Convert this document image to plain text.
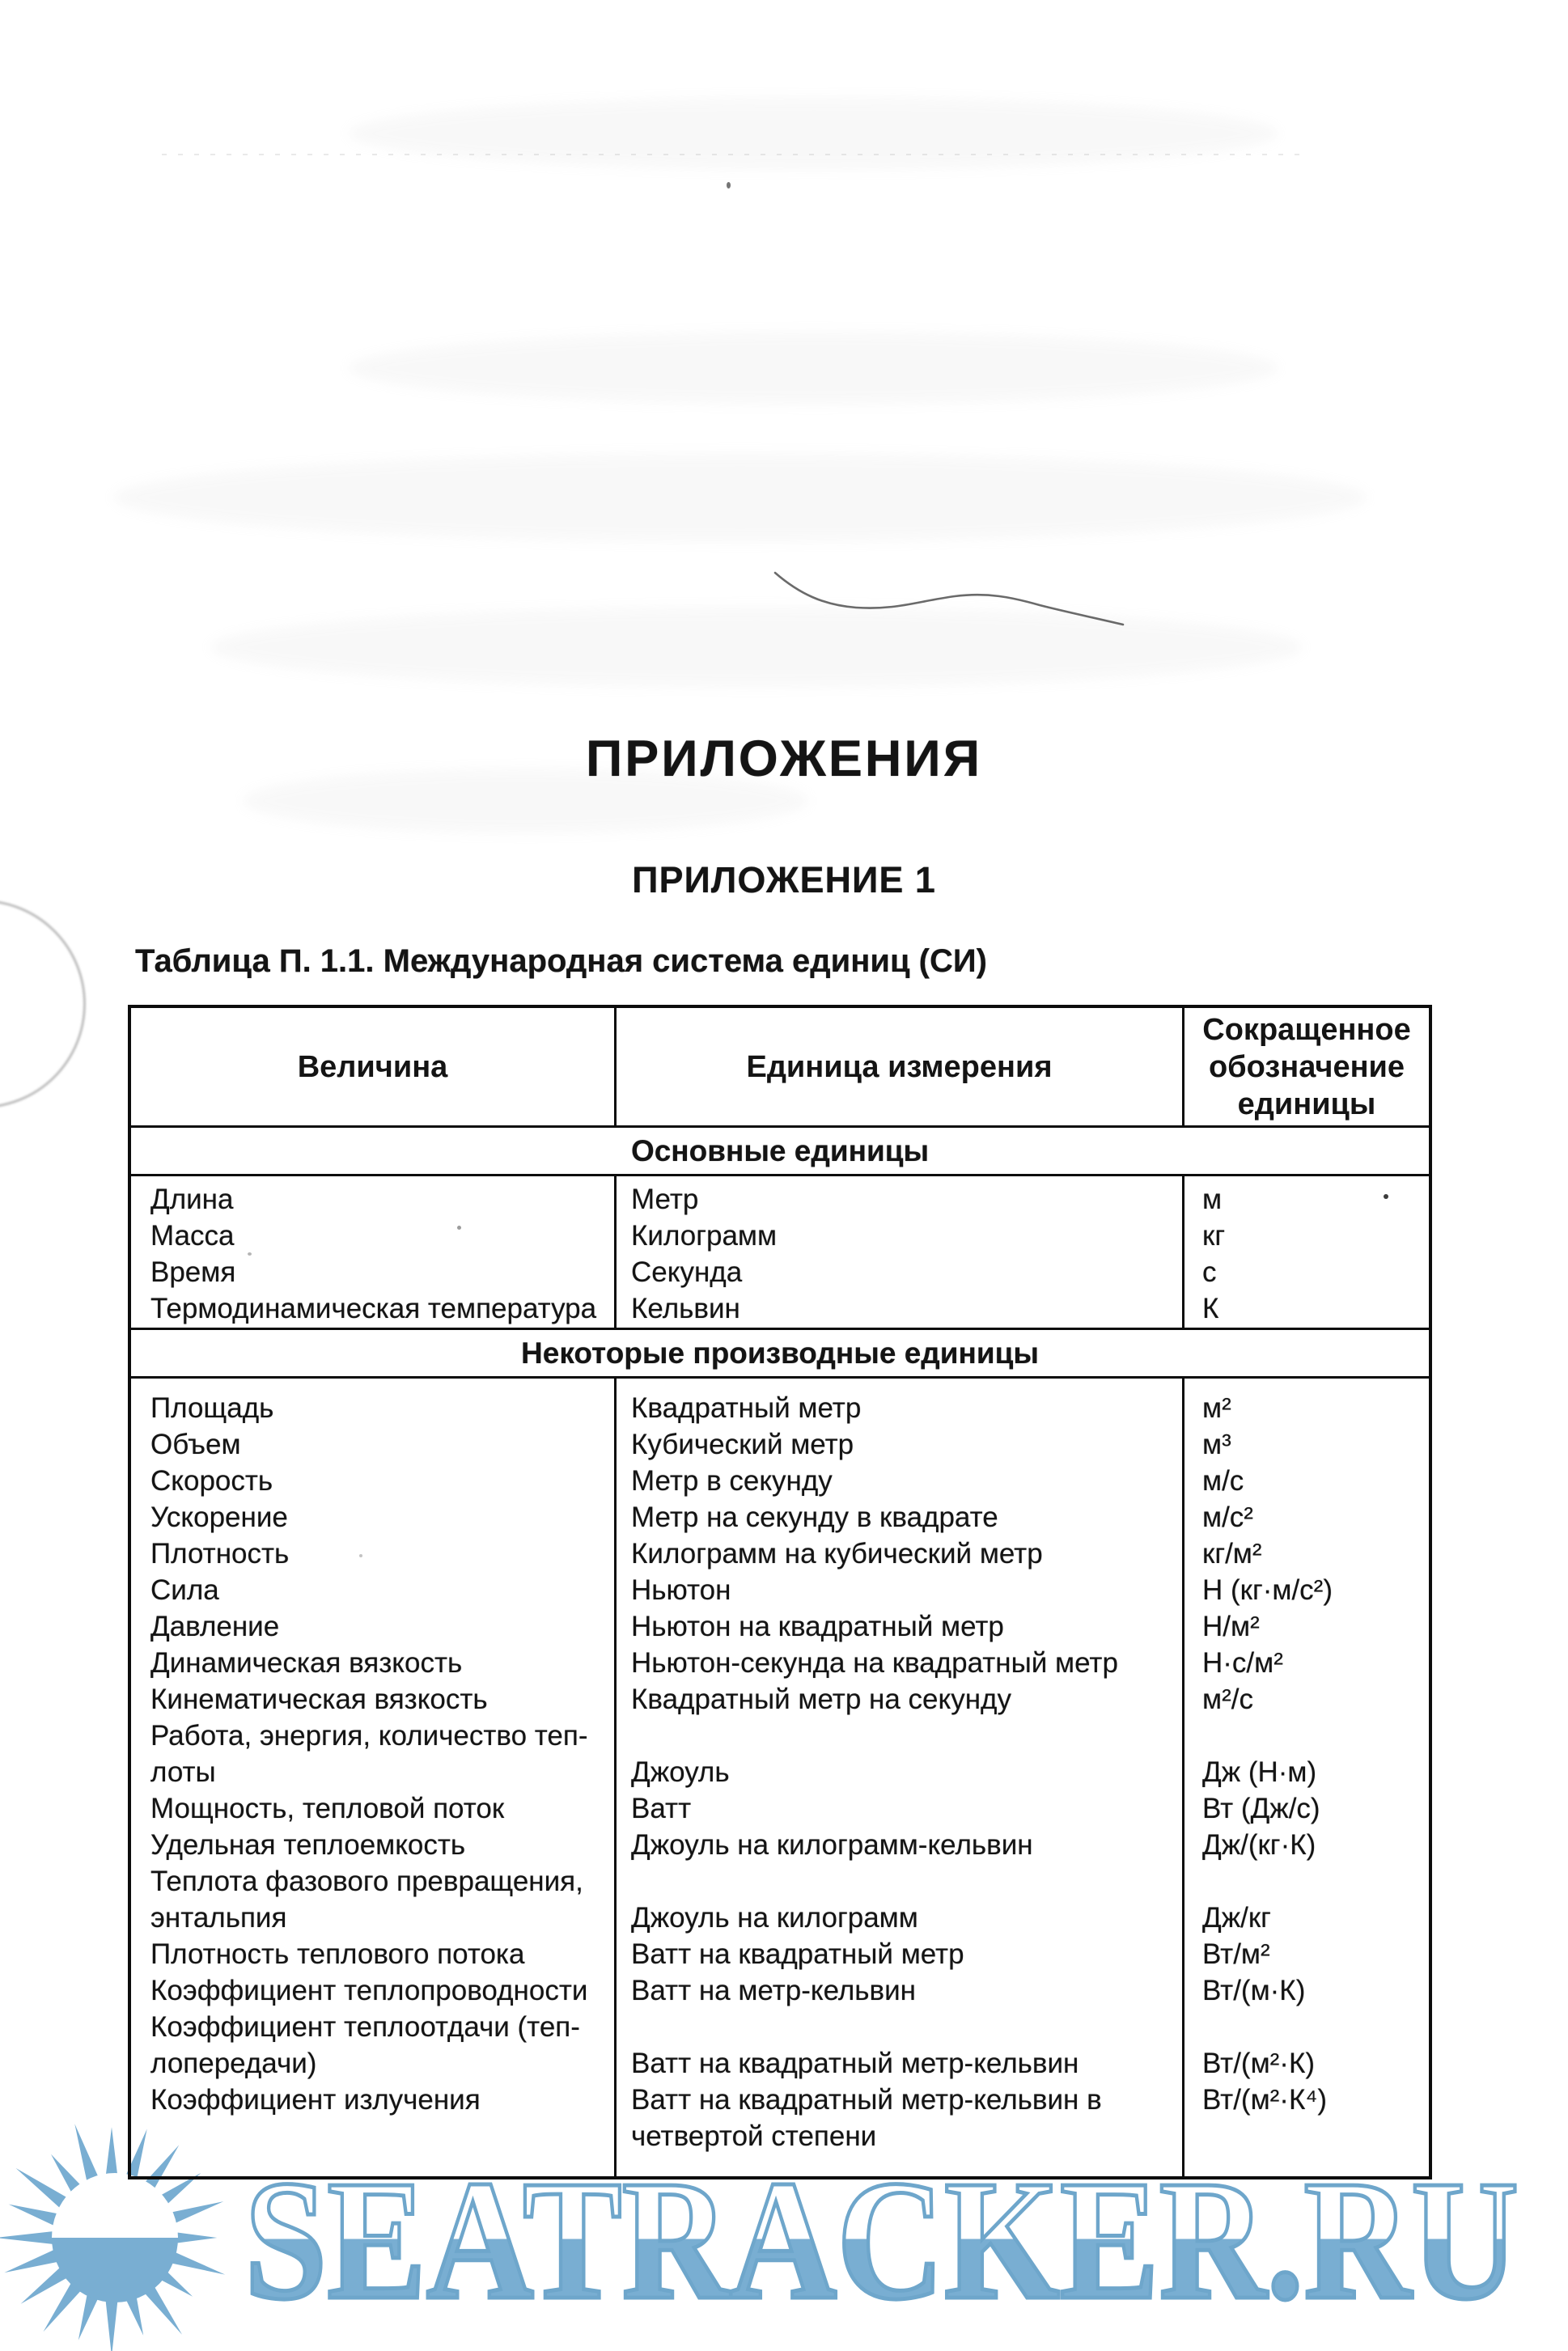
ПРИЛОЖЕНИЯ
ПРИЛОЖЕНИЕ 1
Таблица П. 1.1. Международная система единиц (СИ)
SEATRACKER.RU
Величина	Единица измерения
Сокращенное обозначение единицы
Основные единицы
Длина
Масса
Время
Термодинамическая температура
Метр
Килограмм
Секунда
Кельвин
м
кг
с
К
Некоторые производные единицы
Площадь
Объем
Скорость
Ускорение
Плотность
Сила
Давление
Динамическая вязкость
Кинематическая вязкость
Работа, энергия, количество теп-
лоты
Мощность, тепловой поток
Удельная теплоемкость
Теплота фазового превращения,
энтальпия
Плотность теплового потока
Коэффициент теплопроводности
Коэффициент теплоотдачи (теп-
лопередачи)
Коэффициент излучения
Квадратный метр
Кубический метр
Метр в секунду
Метр на секунду в квадрате
Килограмм на кубический метр
Ньютон
Ньютон на квадратный метр
Ньютон-секунда на квадратный метр
Квадратный метр на секунду
Джоуль
Ватт
Джоуль на килограмм-кельвин
Джоуль на килограмм
Ватт на квадратный метр
Ватт на метр-кельвин
Ватт на квадратный метр-кельвин
Ватт на квадратный метр-кельвин в
четвертой степени
м²
м³
м/с
м/с²
кг/м²
Н (кг·м/с²)
Н/м²
Н·с/м²
м²/с
Дж (Н·м)
Вт (Дж/с)
Дж/(кг·К)
Дж/кг
Вт/м²
Вт/(м·К)
Вт/(м²·К)
Вт/(м²·К⁴)
